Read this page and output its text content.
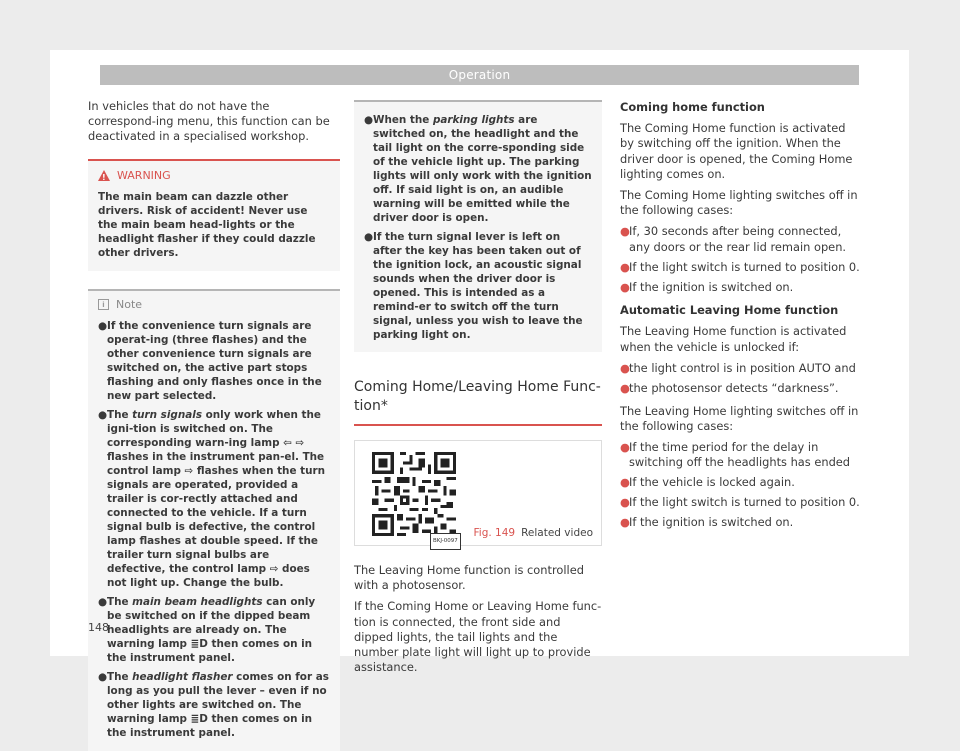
Operation

In vehicles that do not have the correspond-ing menu, this function can be deactivated in a specialised workshop.

!
WARNING
The main beam can dazzle other drivers. Risk of accident! Never use the main beam head-lights or the headlight flasher if they could dazzle other drivers.
i	Note
● If the convenience turn signals are operat-ing (three flashes) and the other convenience turn signals are switched on, the active part stops flashing and only flashes once in the new part selected.
● The turn signals only work when the igni-tion is switched on. The corresponding warn-ing lamp ⇦ ⇨ flashes in the instrument pan-el. The control lamp ⇨ flashes when the turn signals are operated, provided a trailer is cor-rectly attached and connected to the vehicle. If a turn signal bulb is defective, the control lamp flashes at double speed. If the trailer turn signal bulbs are defective, the control lamp ⇨ does not light up. Change the bulb.
● The main beam headlights can only be switched on if the dipped beam headlights are already on. The warning lamp ≣D then comes on in the instrument panel.
● The headlight flasher comes on for as long as you pull the lever – even if no other lights are switched on. The warning lamp ≣D then comes on in the instrument panel.
● When the parking lights are switched on, the headlight and the tail light on the corre-sponding side of the vehicle light up. The parking lights will only work with the ignition off. If said light is on, an audible warning will be emitted while the driver door is open.
● If the turn signal lever is left on after the key has been taken out of the ignition lock, an acoustic signal sounds when the driver door is opened. This is intended as a remind-er to switch off the turn signal, unless you wish to leave the parking light on.
Coming Home/Leaving Home Func-tion*
BKJ-0097
Fig. 149 Related video

The Leaving Home function is controlled with a photosensor.

If the Coming Home or Leaving Home func-tion is connected, the front side and dipped lights, the tail lights and the number plate light will light up to provide assistance.

Coming home function

The Coming Home function is activated by switching off the ignition. When the driver door is opened, the Coming Home lighting comes on.

The Coming Home lighting switches off in the following cases:

● If, 30 seconds after being connected, any doors or the rear lid remain open.
● If the light switch is turned to position 0.
● If the ignition is switched on.
Automatic Leaving Home function

The Leaving Home function is activated when the vehicle is unlocked if:

● the light control is in position AUTO and
● the photosensor detects “darkness”.

The Leaving Home lighting switches off in the following cases:

● If the time period for the delay in switching off the headlights has ended
● If the vehicle is locked again.
● If the light switch is turned to position 0.
● If the ignition is switched on.
148
